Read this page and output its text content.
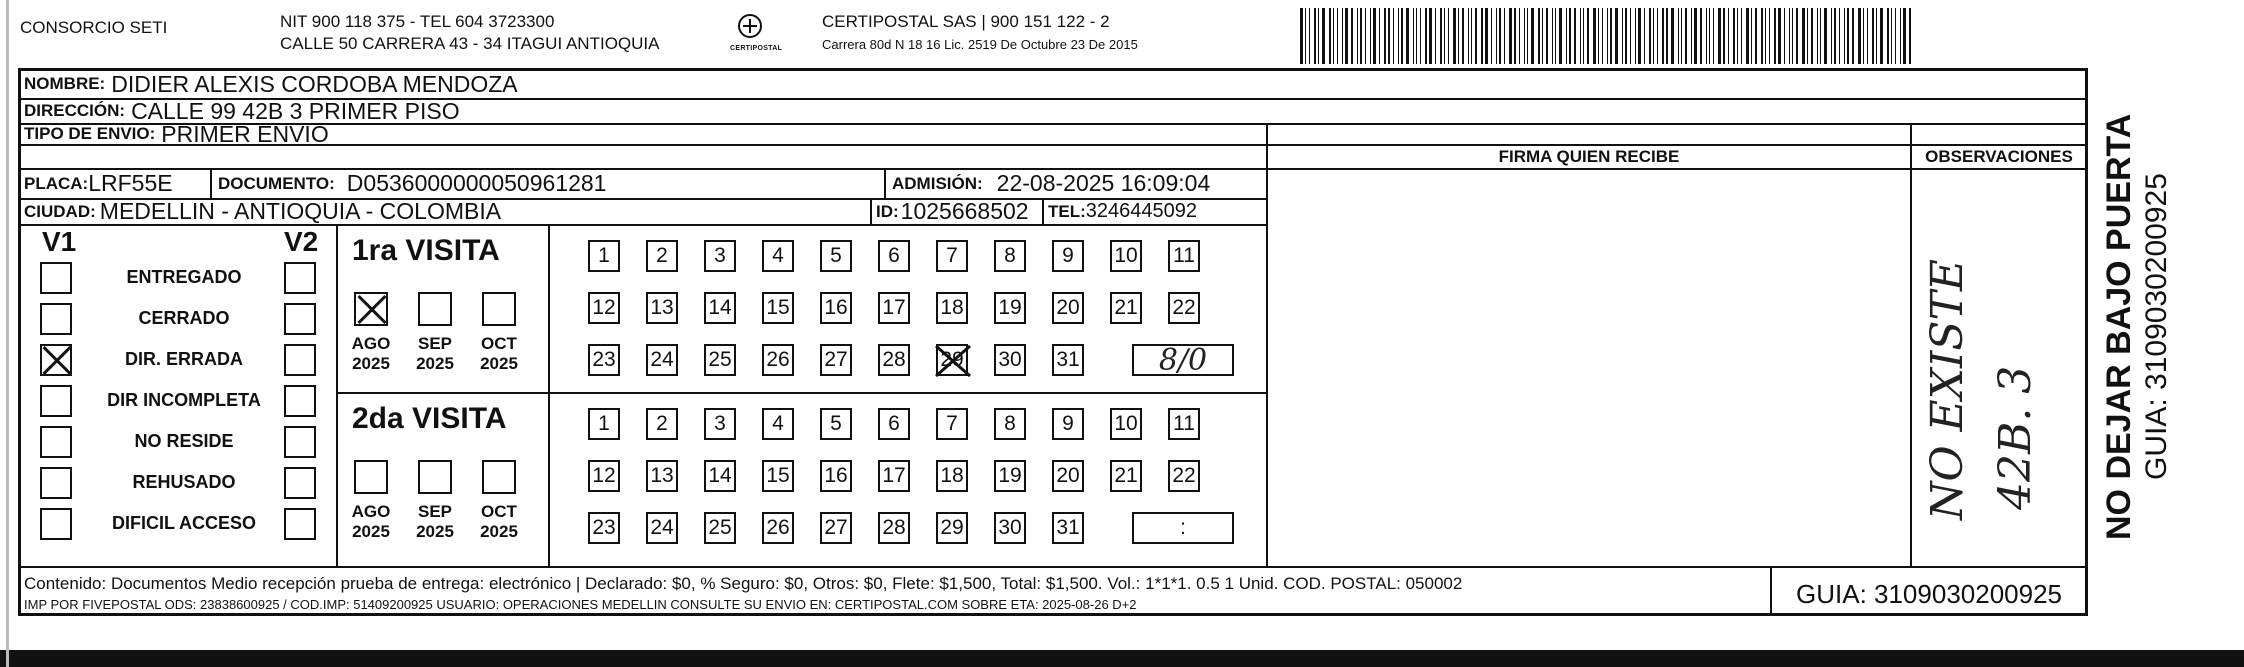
CONSORCIO SETI	NIT 900 118 375 - TEL 604 3723300
CALLE 50 CARRERA 43 - 34 ITAGUI ANTIOQUIA	CERTIPOSTAL
CERTIPOSTAL SAS | 900 151 122 - 2
Carrera 80d N 18 16 Lic. 2519 De Octubre 23 De 2015
NOMBRE: DIDIER ALEXIS CORDOBA MENDOZA
DIRECCIÓN: CALLE 99 42B 3 PRIMER PISO
TIPO DE ENVIO: PRIMER ENVIO
PLACA: LRF55E	DOCUMENTO: D0536000000050961281	ADMISIÓN: 22-08-2025 16:09:04
CIUDAD: MEDELLIN - ANTIOQUIA - COLOMBIA	ID: 1025668502 TEL: 3246445092
FIRMA QUIEN RECIBE	OBSERVACIONES
V1	V2
ENTREGADO
CERRADO
DIR. ERRADA
DIR INCOMPLETA
NO RESIDE
REHUSADO
DIFICIL ACCESO
1ra VISITA
AGO
2025
SEP
2025
OCT
2025
1 2 3 4 5 6 7 8 9 10 11
12 13 14 15 16 17 18 19 20 21 22
23 24 25 26 27 28 29 30 31	8/0
2da VISITA
AGO
2025
SEP
2025
OCT
2025
1 2 3 4 5 6 7 8 9 10 11
12 13 14 15 16 17 18 19 20 21 22
23 24 25 26 27 28 29 30 31	:
NO EXISTE 42B. 3 NO DEJAR BAJO PUERTA GUIA: 3109030200925
Contenido: Documentos Medio recepción prueba de entrega: electrónico | Declarado: $0, % Seguro: $0, Otros: $0, Flete: $1,500, Total: $1,500. Vol.: 1*1*1. 0.5 1 Unid. COD. POSTAL: 050002
IMP POR FIVEPOSTAL ODS: 23838600925 / COD.IMP: 51409200925 USUARIO: OPERACIONES MEDELLIN CONSULTE SU ENVIO EN: CERTIPOSTAL.COM SOBRE ETA: 2025-08-26 D+2	GUIA: 3109030200925
